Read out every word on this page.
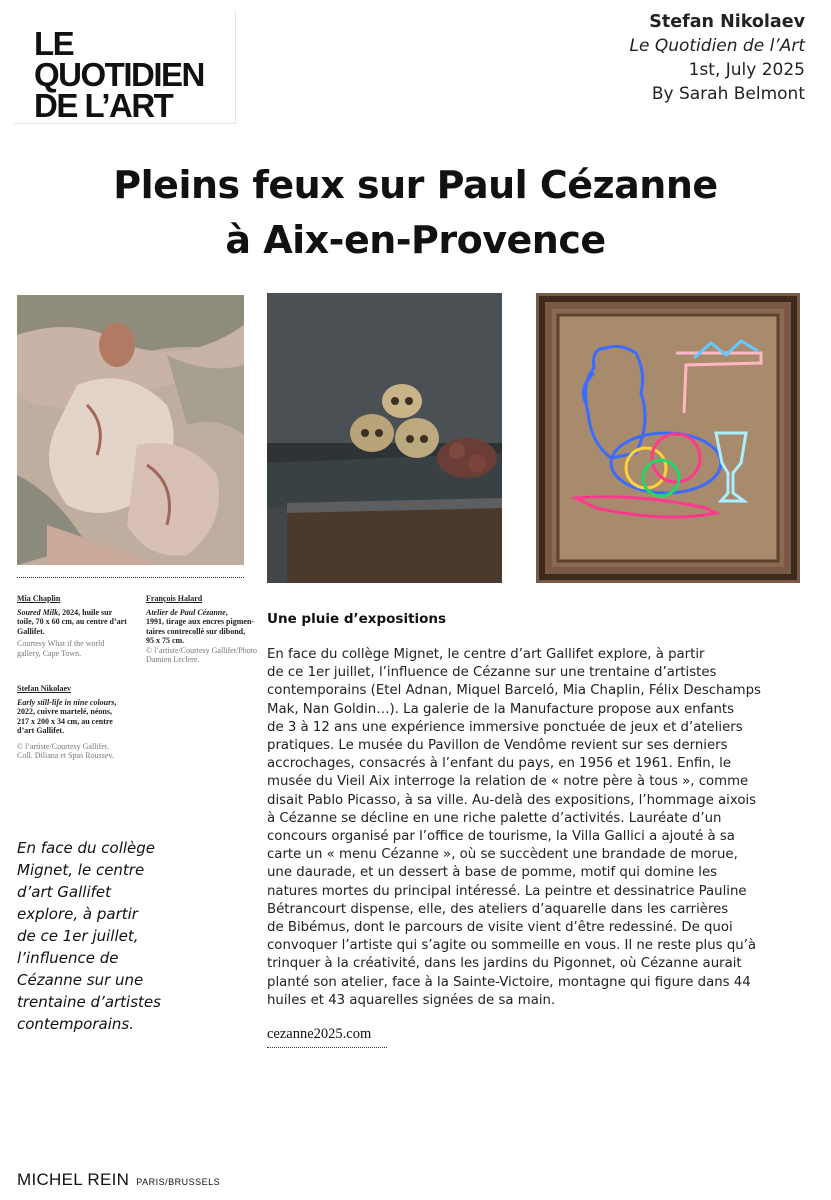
LE
QUOTIDIEN
DE L’ART
Stefan Nikolaev
Le Quotidien de l’Art
1st, July 2025
By Sarah Belmont
Pleins feux sur Paul Cézanne
à Aix-en-Provence
Mia Chaplin
Soured Milk, 2024, huile sur
toile, 70 x 60 cm, au centre d’art
Gallifet.
Courtesy What if the world
gallery, Cape Town.
François Halard
Atelier de Paul Cézanne,
1991, tirage aux encres pigmen-
taires contrecollé sur dibond,
95 x 75 cm.
© l’artiste/Courtesy Gallifet/Photo
Damien Leclere.
Stefan Nikolaev
Early still-life in nine colours,
2022, cuivre martelé, néons,
217 x 200 x 34 cm, au centre
d’art Gallifet.
© l’artiste/Courtesy Gallifet.
Coll. Diliana et Spas Roussev.
En face du collège
Mignet, le centre
d’art Gallifet
explore, à partir
de ce 1er juillet,
l’influence de
Cézanne sur une
trentaine d’artistes
contemporains.
Une pluie d’expositions
En face du collège Mignet, le centre d’art Gallifet explore, à partir
de ce 1er juillet, l’influence de Cézanne sur une trentaine d’artistes
contemporains (Etel Adnan, Miquel Barceló, Mia Chaplin, Félix Deschamps
Mak, Nan Goldin…). La galerie de la Manufacture propose aux enfants
de 3 à 12 ans une expérience immersive ponctuée de jeux et d’ateliers
pratiques. Le musée du Pavillon de Vendôme revient sur ses derniers
accrochages, consacrés à l’enfant du pays, en 1956 et 1961. Enfin, le
musée du Vieil Aix interroge la relation de « notre père à tous », comme
disait Pablo Picasso, à sa ville. Au-delà des expositions, l’hommage aixois
à Cézanne se décline en une riche palette d’activités. Lauréate d’un
concours organisé par l’office de tourisme, la Villa Gallici a ajouté à sa
carte un « menu Cézanne », où se succèdent une brandade de morue,
une daurade, et un dessert à base de pomme, motif qui domine les
natures mortes du principal intéressé. La peintre et dessinatrice Pauline
Bétrancourt dispense, elle, des ateliers d’aquarelle dans les carrières
de Bibémus, dont le parcours de visite vient d’être redessiné. De quoi
convoquer l’artiste qui s’agite ou sommeille en vous. Il ne reste plus qu’à
trinquer à la créativité, dans les jardins du Pigonnet, où Cézanne aurait
planté son atelier, face à la Sainte-Victoire, montagne qui figure dans 44
huiles et 43 aquarelles signées de sa main.
cezanne2025.com
MICHEL REIN PARIS/BRUSSELS
